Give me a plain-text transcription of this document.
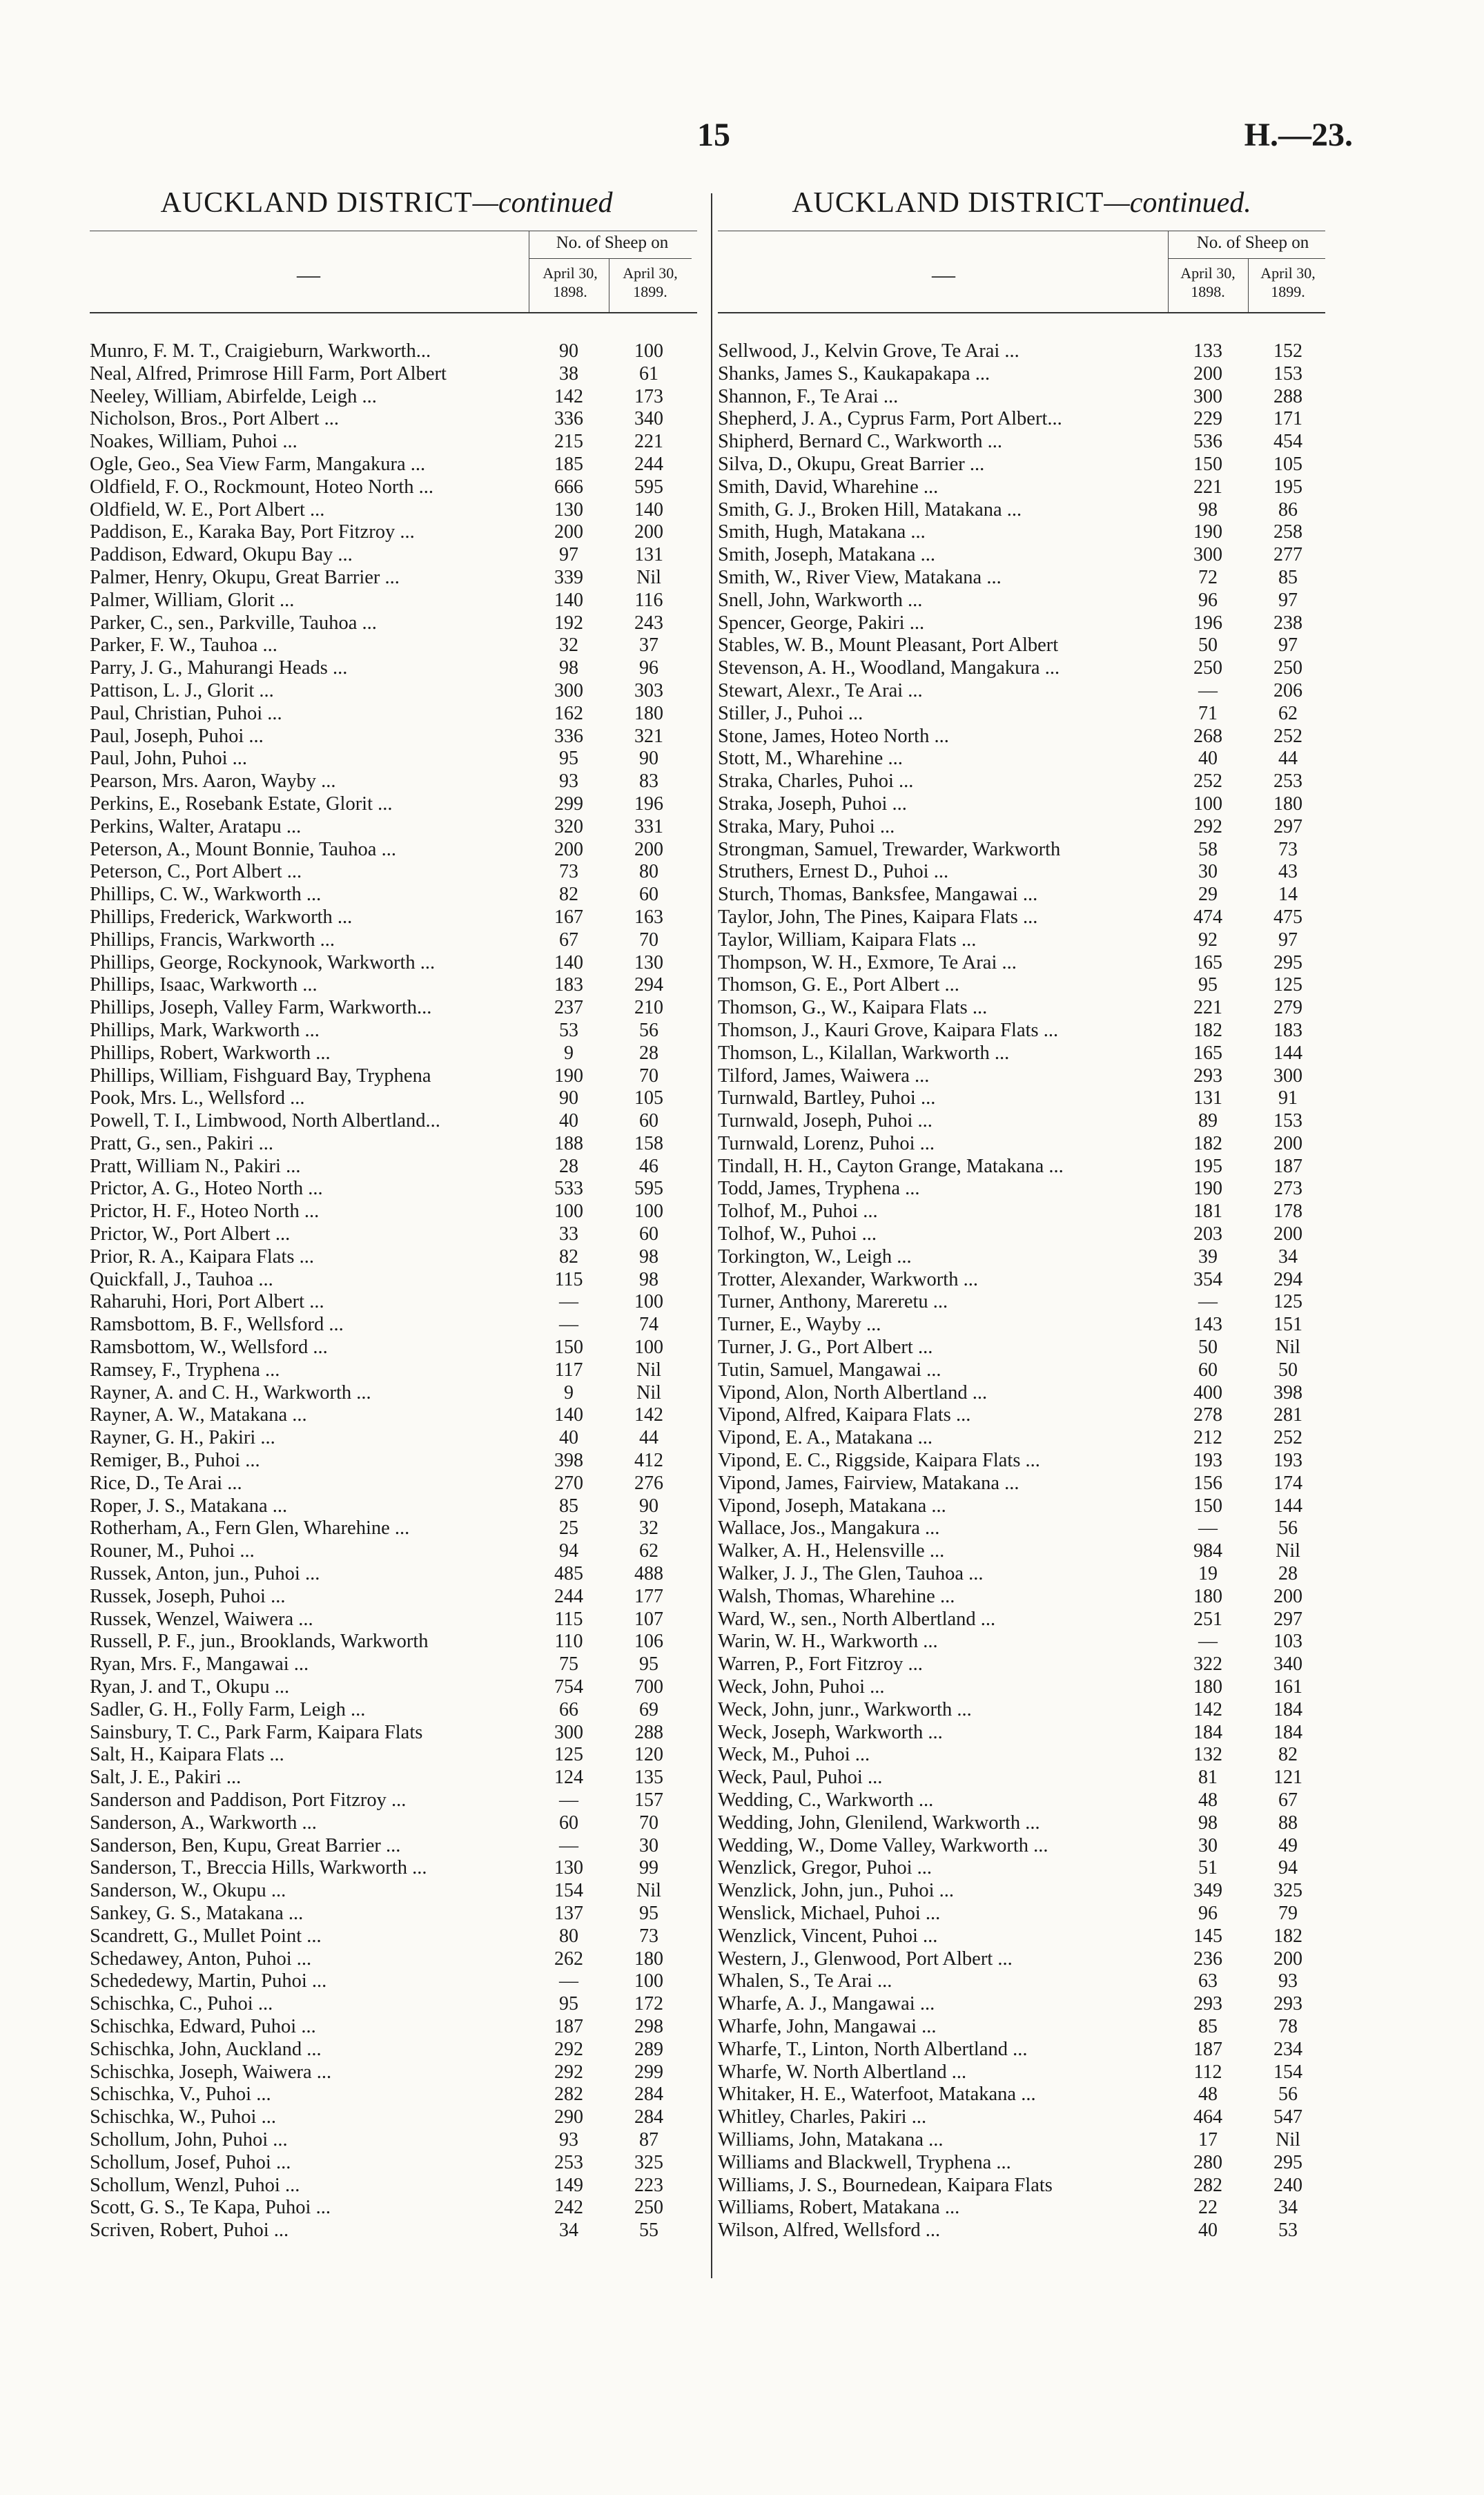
15	H.—23.
AUCKLAND DISTRICT—continued
No. of Sheep on
—	April 30,
1898.
April 30,
1899.
Munro, F. M. T., Craigieburn, Warkworth...	90	100
Neal, Alfred, Primrose Hill Farm, Port Albert	38	61
Neeley, William, Abirfelde, Leigh ...	142	173
Nicholson, Bros., Port Albert ...	336	340
Noakes, William, Puhoi ...	215	221
Ogle, Geo., Sea View Farm, Mangakura ...	185	244
Oldfield, F. O., Rockmount, Hoteo North ...	666	595
Oldfield, W. E., Port Albert ...	130	140
Paddison, E., Karaka Bay, Port Fitzroy ...	200	200
Paddison, Edward, Okupu Bay ...	97	131
Palmer, Henry, Okupu, Great Barrier ...	339	Nil
Palmer, William, Glorit ...	140	116
Parker, C., sen., Parkville, Tauhoa ...	192	243
Parker, F. W., Tauhoa ...	32	37
Parry, J. G., Mahurangi Heads ...	98	96
Pattison, L. J., Glorit ...	300	303
Paul, Christian, Puhoi ...	162	180
Paul, Joseph, Puhoi ...	336	321
Paul, John, Puhoi ...	95	90
Pearson, Mrs. Aaron, Wayby ...	93	83
Perkins, E., Rosebank Estate, Glorit ...	299	196
Perkins, Walter, Aratapu ...	320	331
Peterson, A., Mount Bonnie, Tauhoa ...	200	200
Peterson, C., Port Albert ...	73	80
Phillips, C. W., Warkworth ...	82	60
Phillips, Frederick, Warkworth ...	167	163
Phillips, Francis, Warkworth ...	67	70
Phillips, George, Rockynook, Warkworth ...	140	130
Phillips, Isaac, Warkworth ...	183	294
Phillips, Joseph, Valley Farm, Warkworth...	237	210
Phillips, Mark, Warkworth ...	53	56
Phillips, Robert, Warkworth ...	9	28
Phillips, William, Fishguard Bay, Tryphena	190	70
Pook, Mrs. L., Wellsford ...	90	105
Powell, T. I., Limbwood, North Albertland...	40	60
Pratt, G., sen., Pakiri ...	188	158
Pratt, William N., Pakiri ...	28	46
Prictor, A. G., Hoteo North ...	533	595
Prictor, H. F., Hoteo North ...	100	100
Prictor, W., Port Albert ...	33	60
Prior, R. A., Kaipara Flats ...	82	98
Quickfall, J., Tauhoa ...	115	98
Raharuhi, Hori, Port Albert ...	—	100
Ramsbottom, B. F., Wellsford ...	—	74
Ramsbottom, W., Wellsford ...	150	100
Ramsey, F., Tryphena ...	117	Nil
Rayner, A. and C. H., Warkworth ...	9	Nil
Rayner, A. W., Matakana ...	140	142
Rayner, G. H., Pakiri ...	40	44
Remiger, B., Puhoi ...	398	412
Rice, D., Te Arai ...	270	276
Roper, J. S., Matakana ...	85	90
Rotherham, A., Fern Glen, Wharehine ...	25	32
Rouner, M., Puhoi ...	94	62
Russek, Anton, jun., Puhoi ...	485	488
Russek, Joseph, Puhoi ...	244	177
Russek, Wenzel, Waiwera ...	115	107
Russell, P. F., jun., Brooklands, Warkworth	110	106
Ryan, Mrs. F., Mangawai ...	75	95
Ryan, J. and T., Okupu ...	754	700
Sadler, G. H., Folly Farm, Leigh ...	66	69
Sainsbury, T. C., Park Farm, Kaipara Flats	300	288
Salt, H., Kaipara Flats ...	125	120
Salt, J. E., Pakiri ...	124	135
Sanderson and Paddison, Port Fitzroy ...	—	157
Sanderson, A., Warkworth ...	60	70
Sanderson, Ben, Kupu, Great Barrier ...	—	30
Sanderson, T., Breccia Hills, Warkworth ...	130	99
Sanderson, W., Okupu ...	154	Nil
Sankey, G. S., Matakana ...	137	95
Scandrett, G., Mullet Point ...	80	73
Schedawey, Anton, Puhoi ...	262	180
Schededewy, Martin, Puhoi ...	—	100
Schischka, C., Puhoi ...	95	172
Schischka, Edward, Puhoi ...	187	298
Schischka, John, Auckland ...	292	289
Schischka, Joseph, Waiwera ...	292	299
Schischka, V., Puhoi ...	282	284
Schischka, W., Puhoi ...	290	284
Schollum, John, Puhoi ...	93	87
Schollum, Josef, Puhoi ...	253	325
Schollum, Wenzl, Puhoi ...	149	223
Scott, G. S., Te Kapa, Puhoi ...	242	250
Scriven, Robert, Puhoi ...	34	55
AUCKLAND DISTRICT—continued.
No. of Sheep on
—	April 30,
1898.
April 30,
1899.
Sellwood, J., Kelvin Grove, Te Arai ...	133	152
Shanks, James S., Kaukapakapa ...	200	153
Shannon, F., Te Arai ...	300	288
Shepherd, J. A., Cyprus Farm, Port Albert...	229	171
Shipherd, Bernard C., Warkworth ...	536	454
Silva, D., Okupu, Great Barrier ...	150	105
Smith, David, Wharehine ...	221	195
Smith, G. J., Broken Hill, Matakana ...	98	86
Smith, Hugh, Matakana ...	190	258
Smith, Joseph, Matakana ...	300	277
Smith, W., River View, Matakana ...	72	85
Snell, John, Warkworth ...	96	97
Spencer, George, Pakiri ...	196	238
Stables, W. B., Mount Pleasant, Port Albert	50	97
Stevenson, A. H., Woodland, Mangakura ...	250	250
Stewart, Alexr., Te Arai ...	—	206
Stiller, J., Puhoi ...	71	62
Stone, James, Hoteo North ...	268	252
Stott, M., Wharehine ...	40	44
Straka, Charles, Puhoi ...	252	253
Straka, Joseph, Puhoi ...	100	180
Straka, Mary, Puhoi ...	292	297
Strongman, Samuel, Trewarder, Warkworth	58	73
Struthers, Ernest D., Puhoi ...	30	43
Sturch, Thomas, Banksfee, Mangawai ...	29	14
Taylor, John, The Pines, Kaipara Flats ...	474	475
Taylor, William, Kaipara Flats ...	92	97
Thompson, W. H., Exmore, Te Arai ...	165	295
Thomson, G. E., Port Albert ...	95	125
Thomson, G., W., Kaipara Flats ...	221	279
Thomson, J., Kauri Grove, Kaipara Flats ...	182	183
Thomson, L., Kilallan, Warkworth ...	165	144
Tilford, James, Waiwera ...	293	300
Turnwald, Bartley, Puhoi ...	131	91
Turnwald, Joseph, Puhoi ...	89	153
Turnwald, Lorenz, Puhoi ...	182	200
Tindall, H. H., Cayton Grange, Matakana ...	195	187
Todd, James, Tryphena ...	190	273
Tolhof, M., Puhoi ...	181	178
Tolhof, W., Puhoi ...	203	200
Torkington, W., Leigh ...	39	34
Trotter, Alexander, Warkworth ...	354	294
Turner, Anthony, Mareretu ...	—	125
Turner, E., Wayby ...	143	151
Turner, J. G., Port Albert ...	50	Nil
Tutin, Samuel, Mangawai ...	60	50
Vipond, Alon, North Albertland ...	400	398
Vipond, Alfred, Kaipara Flats ...	278	281
Vipond, E. A., Matakana ...	212	252
Vipond, E. C., Riggside, Kaipara Flats ...	193	193
Vipond, James, Fairview, Matakana ...	156	174
Vipond, Joseph, Matakana ...	150	144
Wallace, Jos., Mangakura ...	—	56
Walker, A. H., Helensville ...	984	Nil
Walker, J. J., The Glen, Tauhoa ...	19	28
Walsh, Thomas, Wharehine ...	180	200
Ward, W., sen., North Albertland ...	251	297
Warin, W. H., Warkworth ...	—	103
Warren, P., Fort Fitzroy ...	322	340
Weck, John, Puhoi ...	180	161
Weck, John, junr., Warkworth ...	142	184
Weck, Joseph, Warkworth ...	184	184
Weck, M., Puhoi ...	132	82
Weck, Paul, Puhoi ...	81	121
Wedding, C., Warkworth ...	48	67
Wedding, John, Glenilend, Warkworth ...	98	88
Wedding, W., Dome Valley, Warkworth ...	30	49
Wenzlick, Gregor, Puhoi ...	51	94
Wenzlick, John, jun., Puhoi ...	349	325
Wenslick, Michael, Puhoi ...	96	79
Wenzlick, Vincent, Puhoi ...	145	182
Western, J., Glenwood, Port Albert ...	236	200
Whalen, S., Te Arai ...	63	93
Wharfe, A. J., Mangawai ...	293	293
Wharfe, John, Mangawai ...	85	78
Wharfe, T., Linton, North Albertland ...	187	234
Wharfe, W. North Albertland ...	112	154
Whitaker, H. E., Waterfoot, Matakana ...	48	56
Whitley, Charles, Pakiri ...	464	547
Williams, John, Matakana ...	17	Nil
Williams and Blackwell, Tryphena ...	280	295
Williams, J. S., Bournedean, Kaipara Flats	282	240
Williams, Robert, Matakana ...	22	34
Wilson, Alfred, Wellsford ...	40	53
